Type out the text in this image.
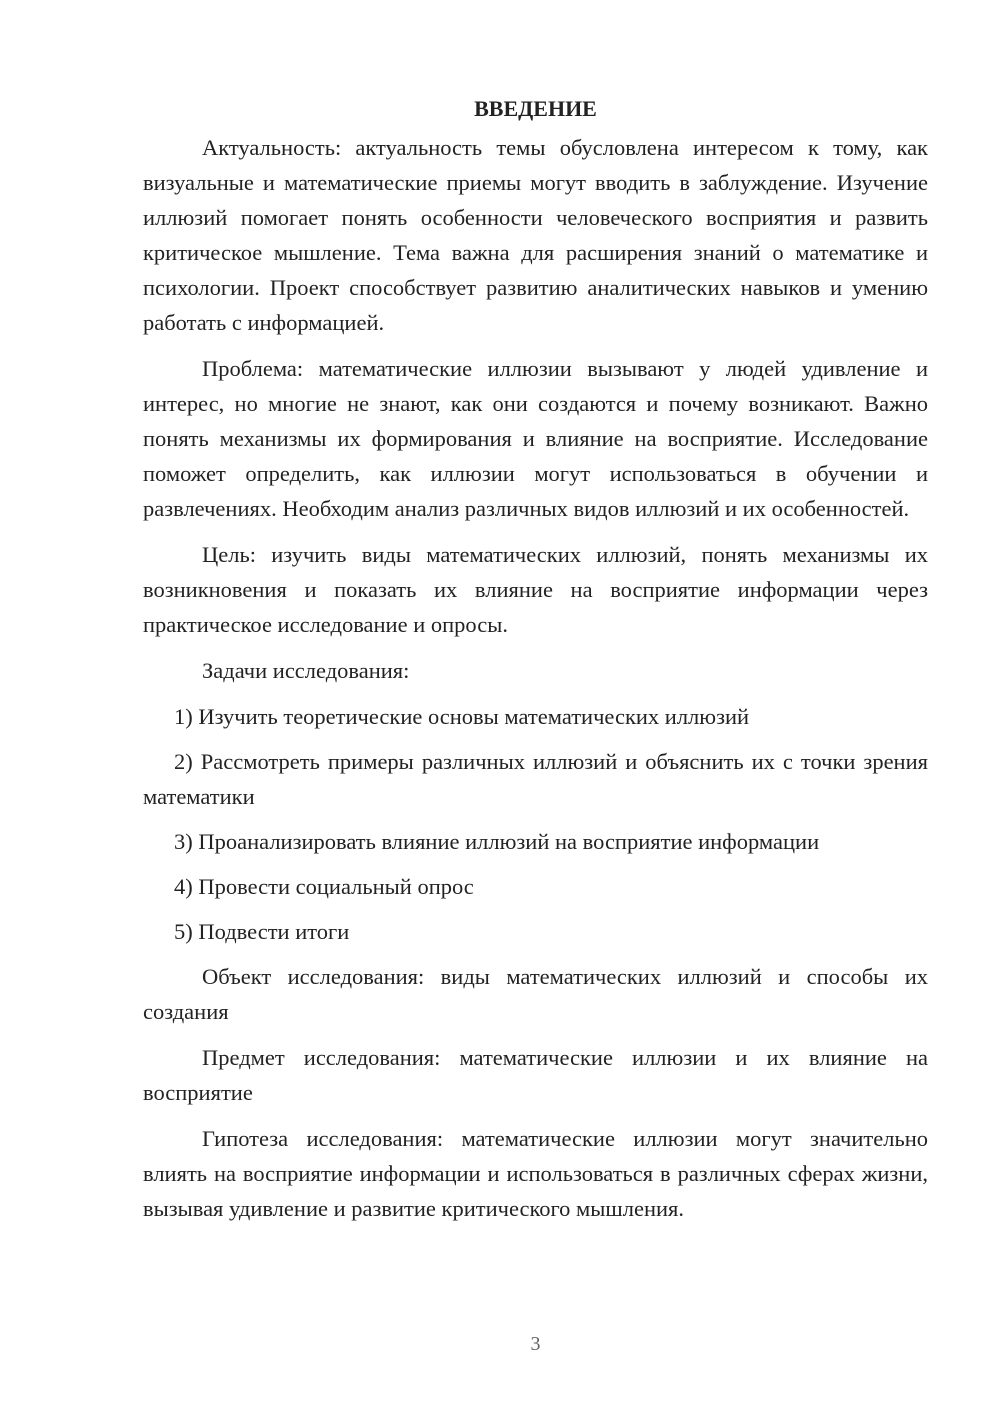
ВВЕДЕНИЕ

Актуальность: актуальность темы обусловлена интересом к тому, как визуальные и математические приемы могут вводить в заблуждение. Изучение иллюзий помогает понять особенности человеческого восприятия и развить критическое мышление. Тема важна для расширения знаний о математике и психологии. Проект способствует развитию аналитических навыков и умению работать с информацией.

Проблема: математические иллюзии вызывают у людей удивление и интерес, но многие не знают, как они создаются и почему возникают. Важно понять механизмы их формирования и влияние на восприятие. Исследование поможет определить, как иллюзии могут использоваться в обучении и развлечениях. Необходим анализ различных видов иллюзий и их особенностей.

Цель: изучить виды математических иллюзий, понять механизмы их возникновения и показать их влияние на восприятие информации через практическое исследование и опросы.

Задачи исследования:

1) Изучить теоретические основы математических иллюзий

2) Рассмотреть примеры различных иллюзий и объяснить их с точки зрения математики

3) Проанализировать влияние иллюзий на восприятие информации

4) Провести социальный опрос

5) Подвести итоги

Объект исследования: виды математических иллюзий и способы их создания

Предмет исследования: математические иллюзии и их влияние на восприятие

Гипотеза исследования: математические иллюзии могут значительно влиять на восприятие информации и использоваться в различных сферах жизни, вызывая удивление и развитие критического мышления.

3
